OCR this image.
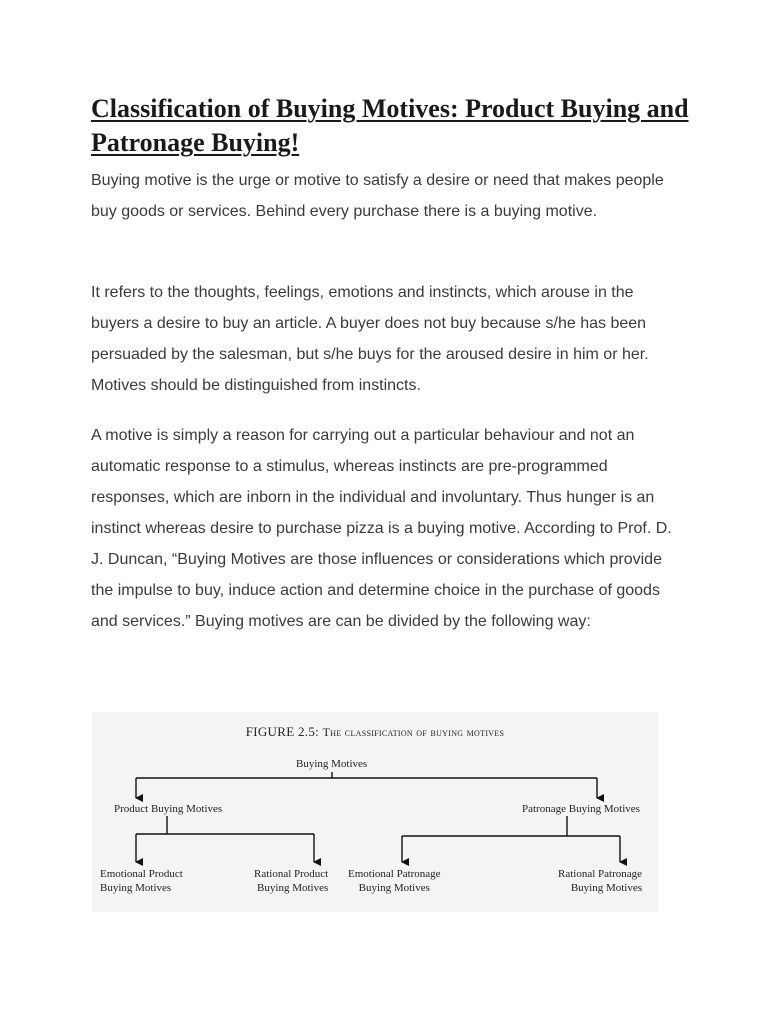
Classification of Buying Motives: Product Buying and Patronage Buying!

Buying motive is the urge or motive to satisfy a desire or need that makes people buy goods or services. Behind every purchase there is a buying motive.

It refers to the thoughts, feelings, emotions and instincts, which arouse in the buyers a desire to buy an article. A buyer does not buy because s/he has been persuaded by the salesman, but s/he buys for the aroused desire in him or her. Motives should be distinguished from instincts.

A motive is simply a reason for carrying out a particular behaviour and not an automatic response to a stimulus, whereas instincts are pre-programmed responses, which are inborn in the individual and involuntary. Thus hunger is an instinct whereas desire to purchase pizza is a buying motive. According to Prof. D. J. Duncan, “Buying Motives are those influences or considerations which provide the impulse to buy, induce action and determine choice in the purchase of goods and services.” Buying motives are can be divided by the following way:

FIGURE 2.5: The classification of buying motives
Buying Motives
Product Buying Motives	Patronage Buying Motives
Emotional Product
Buying Motives
Rational Product
Buying Motives
Emotional Patronage
Buying Motives
Rational Patronage
Buying Motives
